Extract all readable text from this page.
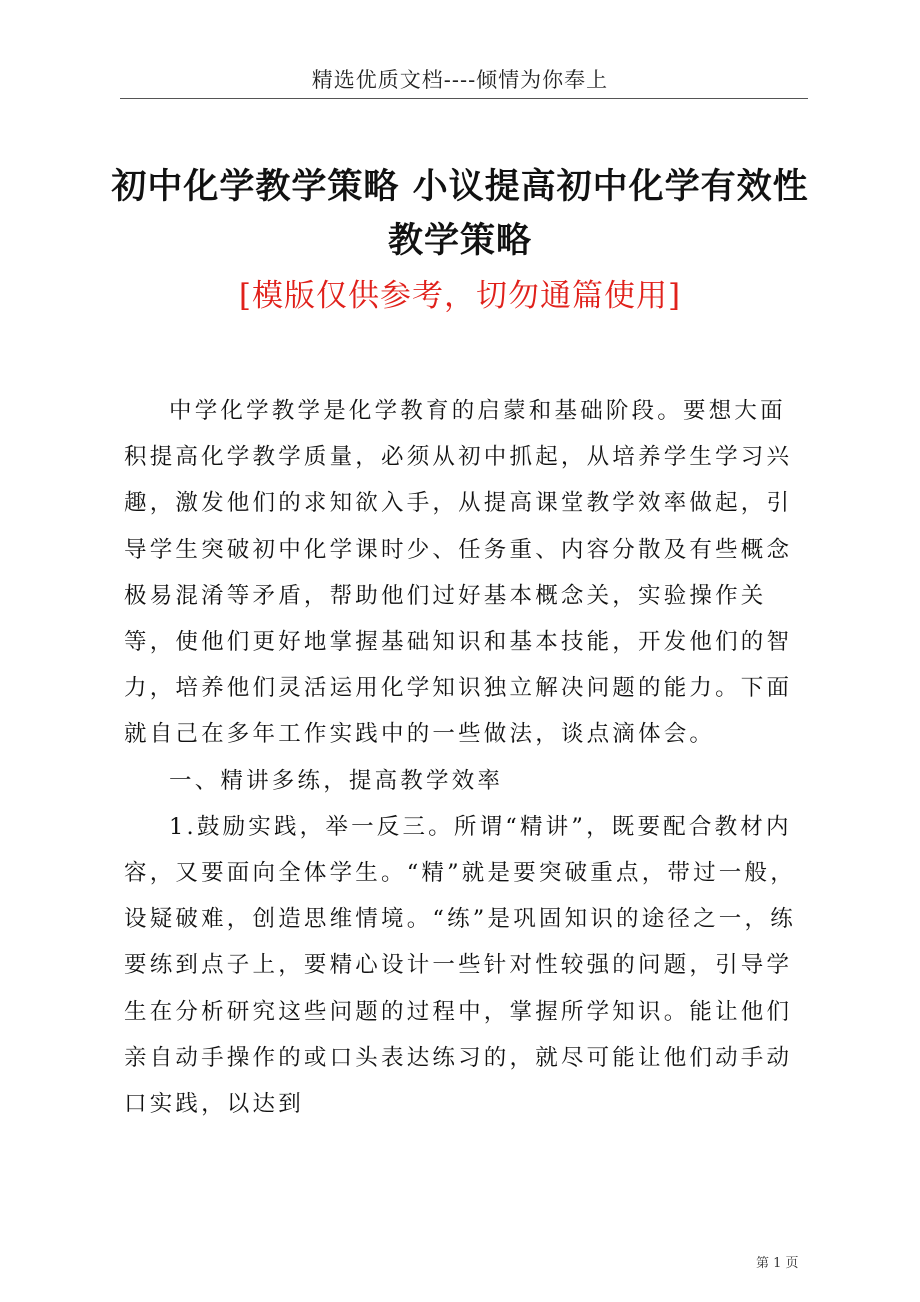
精选优质文档----倾情为你奉上
初中化学教学策略 小议提高初中化学有效性
教学策略
[模版仅供参考，切勿通篇使用]

中学化学教学是化学教育的启蒙和基础阶段。要想大面积提高化学教学质量，必须从初中抓起，从培养学生学习兴趣，激发他们的求知欲入手，从提高课堂教学效率做起，引导学生突破初中化学课时少、任务重、内容分散及有些概念极易混淆等矛盾，帮助他们过好基本概念关，实验操作关等，使他们更好地掌握基础知识和基本技能，开发他们的智力，培养他们灵活运用化学知识独立解决问题的能力。下面就自己在多年工作实践中的一些做法，谈点滴体会。

一、精讲多练，提高教学效率

1.鼓励实践，举一反三。所谓“精讲”，既要配合教材内容，又要面向全体学生。“精”就是要突破重点，带过一般，设疑破难，创造思维情境。“练”是巩固知识的途径之一，练要练到点子上，要精心设计一些针对性较强的问题，引导学生在分析研究这些问题的过程中，掌握所学知识。能让他们亲自动手操作的或口头表达练习的，就尽可能让他们动手动口实践，以达到

第 1 页
